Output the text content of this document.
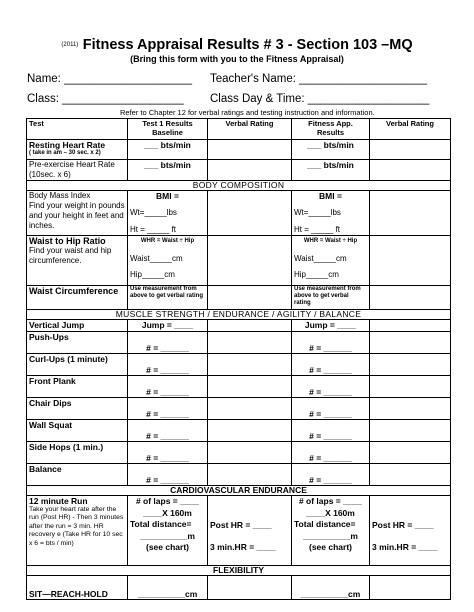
(2011) Fitness Appraisal Results # 3 - Section 103 –MQ
(Bring this form with you to the Fitness Appraisal)
Name: ____________________ Teacher's Name: ____________________
Class: ___________________ Class Day & Time: ___________________
Refer to Chapter 12 for verbal ratings and testing instruction and information.
Test	Test 1 Results Baseline	Verbal Rating	Fitness App. Results	Verbal Rating

Resting Heart Rate
( take in am – 30 sec. x 2)	___ bts/min		___ bts/min	
Pre-exercise Heart Rate (10sec. x 6)	___ bts/min		___ bts/min	
BODY COMPOSITION				

Body Mass Index
Find your weight in pounds and your height in feet and inches.	BMI =
Wt=_____lbs
Ht = _____ ft		BMI =
Wt=_____lbs
Ht = _____ ft	

Waist to Hip Ratio
Find your waist and hip circumference.	WHR = Waist ÷ Hip
Waist_____cm
Hip_____cm		WHR = Waist ÷ Hip
Waist_____cm
Hip_____cm	

Waist Circumference	Use measurement from above to get verbal rating		Use measurement from above to get verbal rating	
MUSCLE STRENGTH / ENDURANCE / AGILITY / BALANCE				
Vertical Jump	Jump = ____		Jump = ____	
Push-Ups	# = ______		# = ______	
Curl-Ups (1 minute)	# = ______		# = ______	
Front Plank	# = ______		# = ______	
Chair Dips	# = ______		# = ______	
Wall Squat	# = ______		# = ______	
Side Hops (1 min.)	# = ______		# = ______	
Balance	# = ______		# = ______	
CARDIOVASCULAR ENDURANCE				

12 minute Run
Take your heart rate after the run (Post HR) - Then 3 minutes after the run = 3 min. HR recovery e (Take HR for 10 sec x 6 = bts / min)	# of laps = ____
____X 160m
Total distance=
__________m
(see chart)	Post HR = ____
3 min.HR = ____	# of laps = ____
____X 160m
Total distance=
__________m
(see chart)	Post HR = ____
3 min.HR = ____

FLEXIBILITY				
SIT—REACH-HOLD	__________cm		__________cm	
